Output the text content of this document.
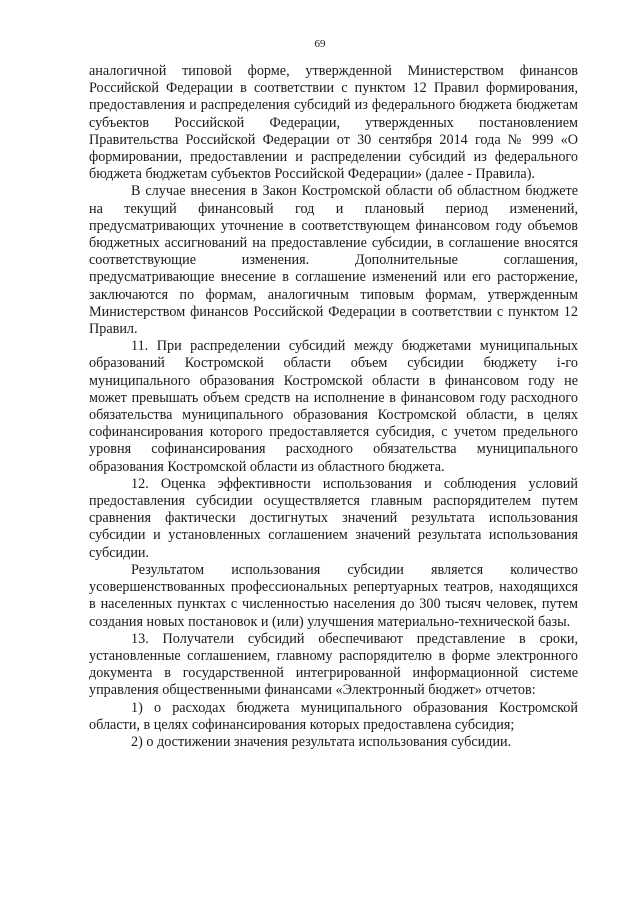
69

аналогичной типовой форме, утвержденной Министерством финансов Российской Федерации в соответствии с пунктом 12 Правил формирования, предоставления и распределения субсидий из федерального бюджета бюджетам субъектов Российской Федерации, утвержденных постановлением Правительства Российской Федерации от 30 сентября 2014 года № 999 «О формировании, предоставлении и распределении субсидий из федерального бюджета бюджетам субъектов Российской Федерации» (далее - Правила).

В случае внесения в Закон Костромской области об областном бюджете на текущий финансовый год и плановый период изменений, предусматривающих уточнение в соответствующем финансовом году объемов бюджетных ассигнований на предоставление субсидии, в соглашение вносятся соответствующие изменения. Дополнительные соглашения, предусматривающие внесение в соглашение изменений или его расторжение, заключаются по формам, аналогичным типовым формам, утвержденным Министерством финансов Российской Федерации в соответствии с пунктом 12 Правил.

11. При распределении субсидий между бюджетами муниципальных образований Костромской области объем субсидии бюджету i-го муниципального образования Костромской области в финансовом году не может превышать объем средств на исполнение в финансовом году расходного обязательства муниципального образования Костромской области, в целях софинансирования которого предоставляется субсидия, с учетом предельного уровня софинансирования расходного обязательства муниципального образования Костромской области из областного бюджета.

12. Оценка эффективности использования и соблюдения условий предоставления субсидии осуществляется главным распорядителем путем сравнения фактически достигнутых значений результата использования субсидии и установленных соглашением значений результата использования субсидии.

Результатом использования субсидии является количество усовершенствованных профессиональных репертуарных театров, находящихся в населенных пунктах с численностью населения до 300 тысяч человек, путем создания новых постановок и (или) улучшения материально-технической базы.

13. Получатели субсидий обеспечивают представление в сроки, установленные соглашением, главному распорядителю в форме электронного документа в государственной интегрированной информационной системе управления общественными финансами «Электронный бюджет» отчетов:

1) о расходах бюджета муниципального образования Костромской области, в целях софинансирования которых предоставлена субсидия;

2) о достижении значения результата использования субсидии.
